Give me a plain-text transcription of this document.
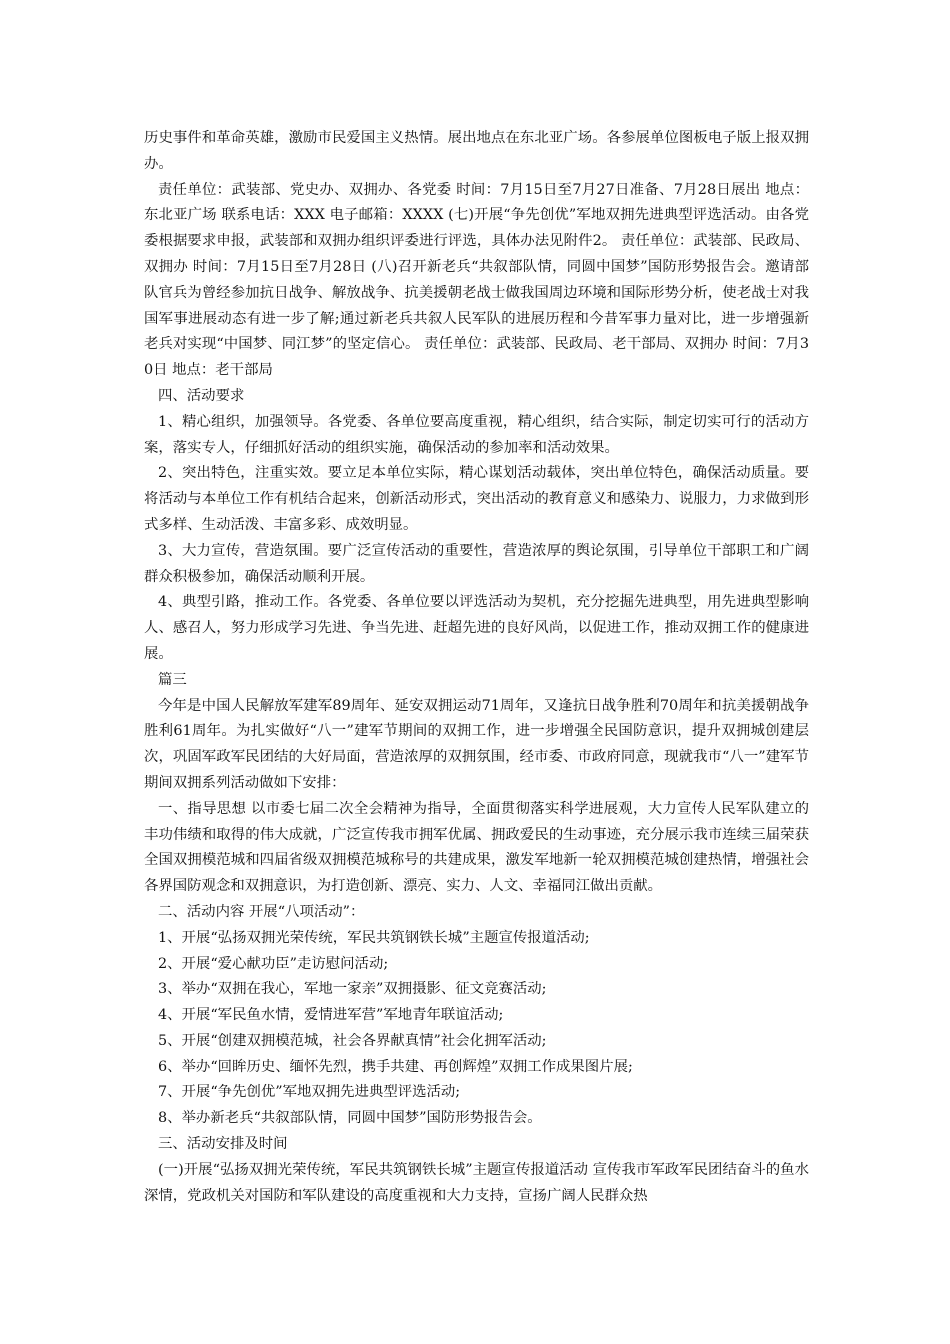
历史事件和革命英雄，激励市民爱国主义热情。展出地点在东北亚广场。各参展单位图板电子版上报双拥办。

责任单位：武装部、党史办、双拥办、各党委 时间：7月15日至7月27日准备、7月28日展出 地点：东北亚广场 联系电话：XXX 电子邮箱：XXXX (七)开展“争先创优”军地双拥先进典型评选活动。由各党委根据要求申报，武装部和双拥办组织评委进行评选，具体办法见附件2。 责任单位：武装部、民政局、双拥办 时间：7月15日至7月28日 (八)召开新老兵“共叙部队情，同圆中国梦”国防形势报告会。邀请部队官兵为曾经参加抗日战争、解放战争、抗美援朝老战士做我国周边环境和国际形势分析，使老战士对我国军事进展动态有进一步了解;通过新老兵共叙人民军队的进展历程和今昔军事力量对比，进一步增强新老兵对实现“中国梦、同江梦”的坚定信心。 责任单位：武装部、民政局、老干部局、双拥办 时间：7月30日 地点：老干部局

四、活动要求

1、精心组织，加强领导。各党委、各单位要高度重视，精心组织，结合实际，制定切实可行的活动方案，落实专人，仔细抓好活动的组织实施，确保活动的参加率和活动效果。

2、突出特色，注重实效。要立足本单位实际，精心谋划活动载体，突出单位特色，确保活动质量。要将活动与本单位工作有机结合起来，创新活动形式，突出活动的教育意义和感染力、说服力，力求做到形式多样、生动活泼、丰富多彩、成效明显。

3、大力宣传，营造氛围。要广泛宣传活动的重要性，营造浓厚的舆论氛围，引导单位干部职工和广阔群众积极参加，确保活动顺利开展。

4、典型引路，推动工作。各党委、各单位要以评选活动为契机，充分挖掘先进典型，用先进典型影响人、感召人，努力形成学习先进、争当先进、赶超先进的良好风尚，以促进工作，推动双拥工作的健康进展。

篇三

今年是中国人民解放军建军89周年、延安双拥运动71周年，又逢抗日战争胜利70周年和抗美援朝战争胜利61周年。为扎实做好“八一”建军节期间的双拥工作，进一步增强全民国防意识，提升双拥城创建层次，巩固军政军民团结的大好局面，营造浓厚的双拥氛围，经市委、市政府同意，现就我市“八一”建军节期间双拥系列活动做如下安排：

一、指导思想 以市委七届二次全会精神为指导，全面贯彻落实科学进展观，大力宣传人民军队建立的丰功伟绩和取得的伟大成就，广泛宣传我市拥军优属、拥政爱民的生动事迹，充分展示我市连续三届荣获全国双拥模范城和四届省级双拥模范城称号的共建成果，激发军地新一轮双拥模范城创建热情，增强社会各界国防观念和双拥意识，为打造创新、漂亮、实力、人文、幸福同江做出贡献。

二、活动内容 开展“八项活动”：

1、开展“弘扬双拥光荣传统，军民共筑钢铁长城”主题宣传报道活动;

2、开展“爱心献功臣”走访慰问活动;

3、举办“双拥在我心，军地一家亲”双拥摄影、征文竞赛活动;

4、开展“军民鱼水情，爱情进军营”军地青年联谊活动;

5、开展“创建双拥模范城，社会各界献真情”社会化拥军活动;

6、举办“回眸历史、缅怀先烈，携手共建、再创辉煌”双拥工作成果图片展;

7、开展“争先创优”军地双拥先进典型评选活动;

8、举办新老兵“共叙部队情，同圆中国梦”国防形势报告会。

三、活动安排及时间

(一)开展“弘扬双拥光荣传统，军民共筑钢铁长城”主题宣传报道活动 宣传我市军政军民团结奋斗的鱼水深情，党政机关对国防和军队建设的高度重视和大力支持，宣扬广阔人民群众热
